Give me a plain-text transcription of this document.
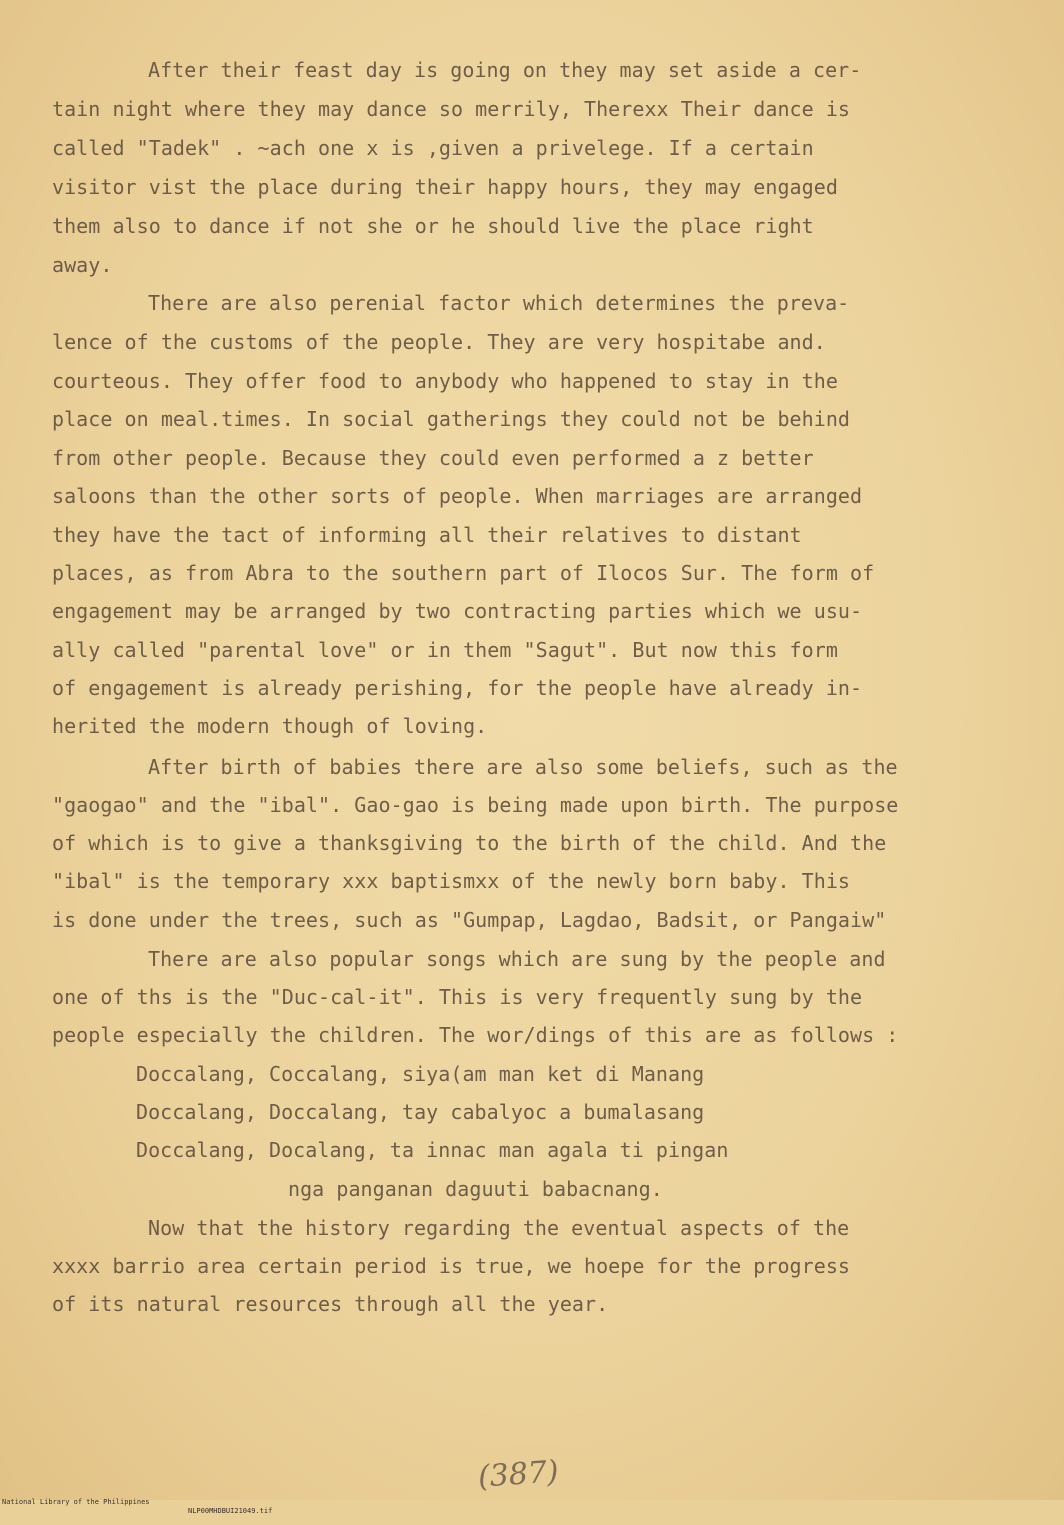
After their feast day is going on they may set aside a cer-

tain night where they may dance so merrily, Therexx Their dance is

called "Tadek" . ~ach one x is ,given a privelege. If a certain

visitor vist the place during their happy hours, they may engaged

them also to dance if not she or he should live the place right

away.

There are also perenial factor which determines the preva-

lence of the customs of the people. They are very hospitabe and.

courteous. They offer food to anybody who happened to stay in the

place on meal.times. In social gatherings they could not be behind

from other people. Because they could even performed a z better

saloons than the other sorts of people. When marriages are arranged

they have the tact of informing all their relatives to distant

places, as from Abra to the southern part of Ilocos Sur. The form of

engagement may be arranged by two contracting parties which we usu-

ally called "parental love" or in them "Sagut". But now this form

of engagement is already perishing, for the people have already in-

herited the modern though of loving.

After birth of babies there are also some beliefs, such as the

"gaogao" and the "ibal". Gao-gao is being made upon birth. The purpose

of which is to give a thanksgiving to the birth of the child. And the

"ibal" is the temporary xxx baptismxx of the newly born baby. This

is done under the trees, such as "Gumpap, Lagdao, Badsit, or Pangaiw"

There are also popular songs which are sung by the people and

one of ths is the "Duc-cal-it". This is very frequently sung by the

people especially the children. The wor/dings of this are as follows :

Doccalang, Coccalang, siya(am man ket di Manang

Doccalang, Doccalang, tay cabalyoc a bumalasang

Doccalang, Docalang, ta innac man agala ti pingan

nga panganan daguuti babacnang.

Now that the history regarding the eventual aspects of the

xxxx barrio area certain period is true, we hoepe for the progress

of its natural resources through all the year.

(387)

National Library of the Philippines

NLP00MHDBUI21049.tif
